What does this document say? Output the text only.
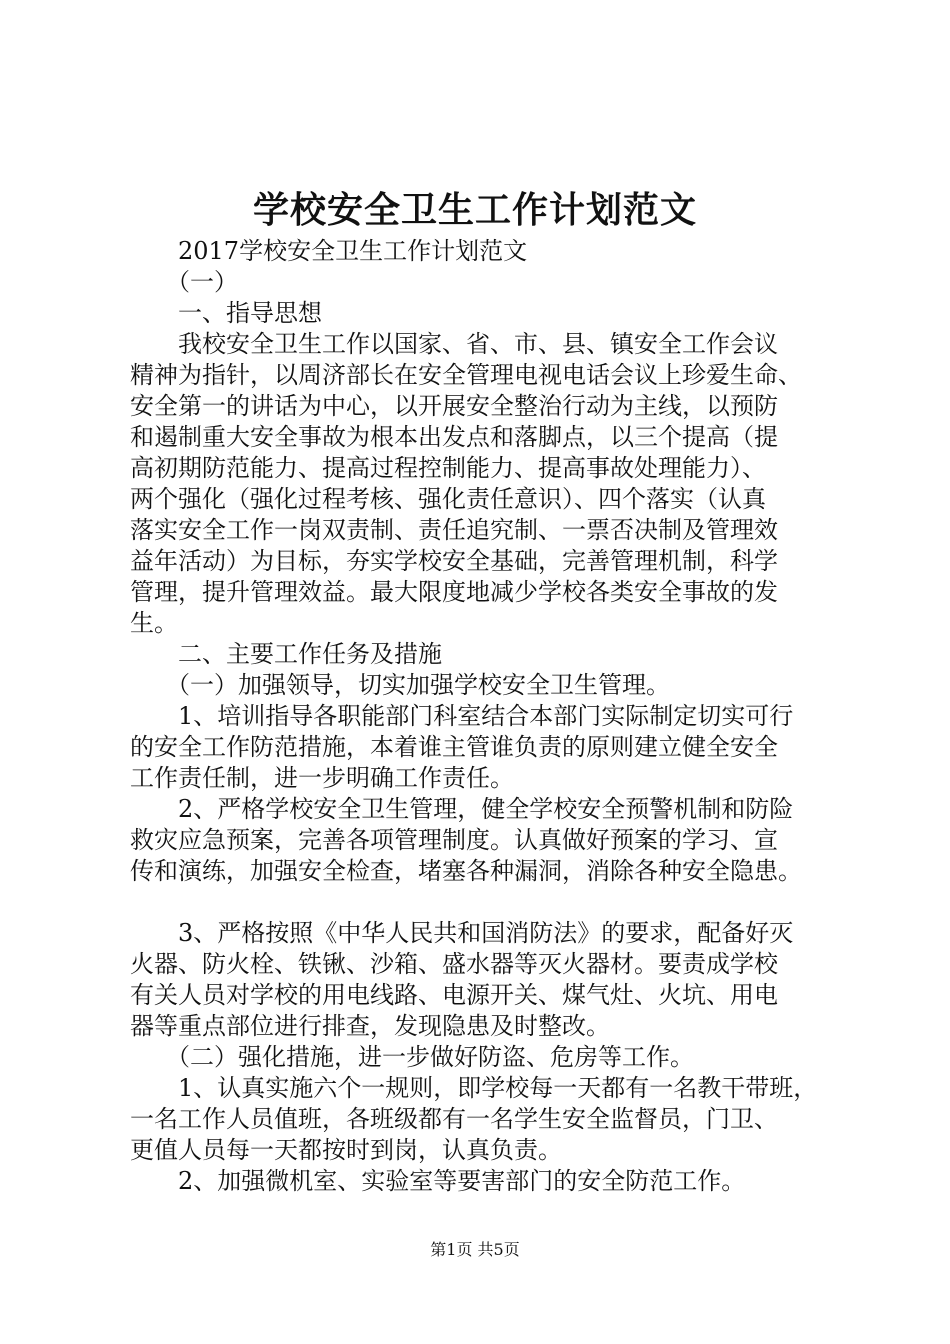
学校安全卫生工作计划范文
　　2017学校安全卫生工作计划范文
　　（一）
　　一、指导思想
　　我校安全卫生工作以国家、省、市、县、镇安全工作会议
精神为指针，以周济部长在安全管理电视电话会议上珍爱生命、
安全第一的讲话为中心，以开展安全整治行动为主线，以预防
和遏制重大安全事故为根本出发点和落脚点，以三个提高（提
高初期防范能力、提高过程控制能力、提高事故处理能力）、
两个强化（强化过程考核、强化责任意识）、四个落实（认真
落实安全工作一岗双责制、责任追究制、一票否决制及管理效
益年活动）为目标，夯实学校安全基础，完善管理机制，科学
管理，提升管理效益。最大限度地减少学校各类安全事故的发
生。
　　二、主要工作任务及措施
　　（一）加强领导，切实加强学校安全卫生管理。
　　1、培训指导各职能部门科室结合本部门实际制定切实可行
的安全工作防范措施，本着谁主管谁负责的原则建立健全安全
工作责任制，进一步明确工作责任。
　　2、严格学校安全卫生管理，健全学校安全预警机制和防险
救灾应急预案，完善各项管理制度。认真做好预案的学习、宣
传和演练，加强安全检查，堵塞各种漏洞，消除各种安全隐患。
　　3、严格按照《中华人民共和国消防法》的要求，配备好灭
火器、防火栓、铁锹、沙箱、盛水器等灭火器材。要责成学校
有关人员对学校的用电线路、电源开关、煤气灶、火坑、用电
器等重点部位进行排查，发现隐患及时整改。
　　（二）强化措施，进一步做好防盗、危房等工作。
　　1、认真实施六个一规则，即学校每一天都有一名教干带班，
一名工作人员值班，各班级都有一名学生安全监督员，门卫、
更值人员每一天都按时到岗，认真负责。
　　2、加强微机室、实验室等要害部门的安全防范工作。
第1页 共5页
